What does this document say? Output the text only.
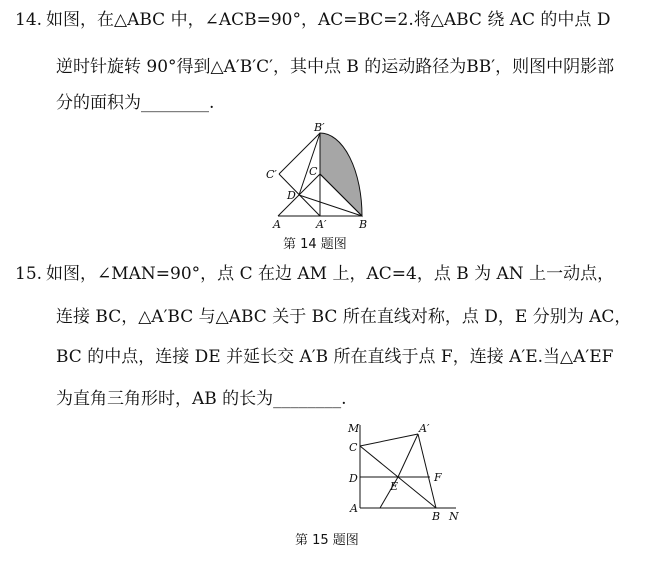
14. 如图，在△ABC 中，∠ACB=90°，AC=BC=2.将△ABC 绕 AC 的中点 D
逆时针旋转 90°得到△A′B′C′，其中点 B 的运动路径为BB′，则图中阴影部
分的面积为________.
B′
C′	C
D
A	A′	B
第 14 题图
15. 如图，∠MAN=90°，点 C 在边 AM 上，AC=4，点 B 为 AN 上一动点，
连接 BC，△A′BC 与△ABC 关于 BC 所在直线对称，点 D，E 分别为 AC，
BC 的中点，连接 DE 并延长交 A′B 所在直线于点 F，连接 A′E.当△A′EF
为直角三角形时，AB 的长为________.
M	A′
C
D
E
F
A
B N
第 15 题图
